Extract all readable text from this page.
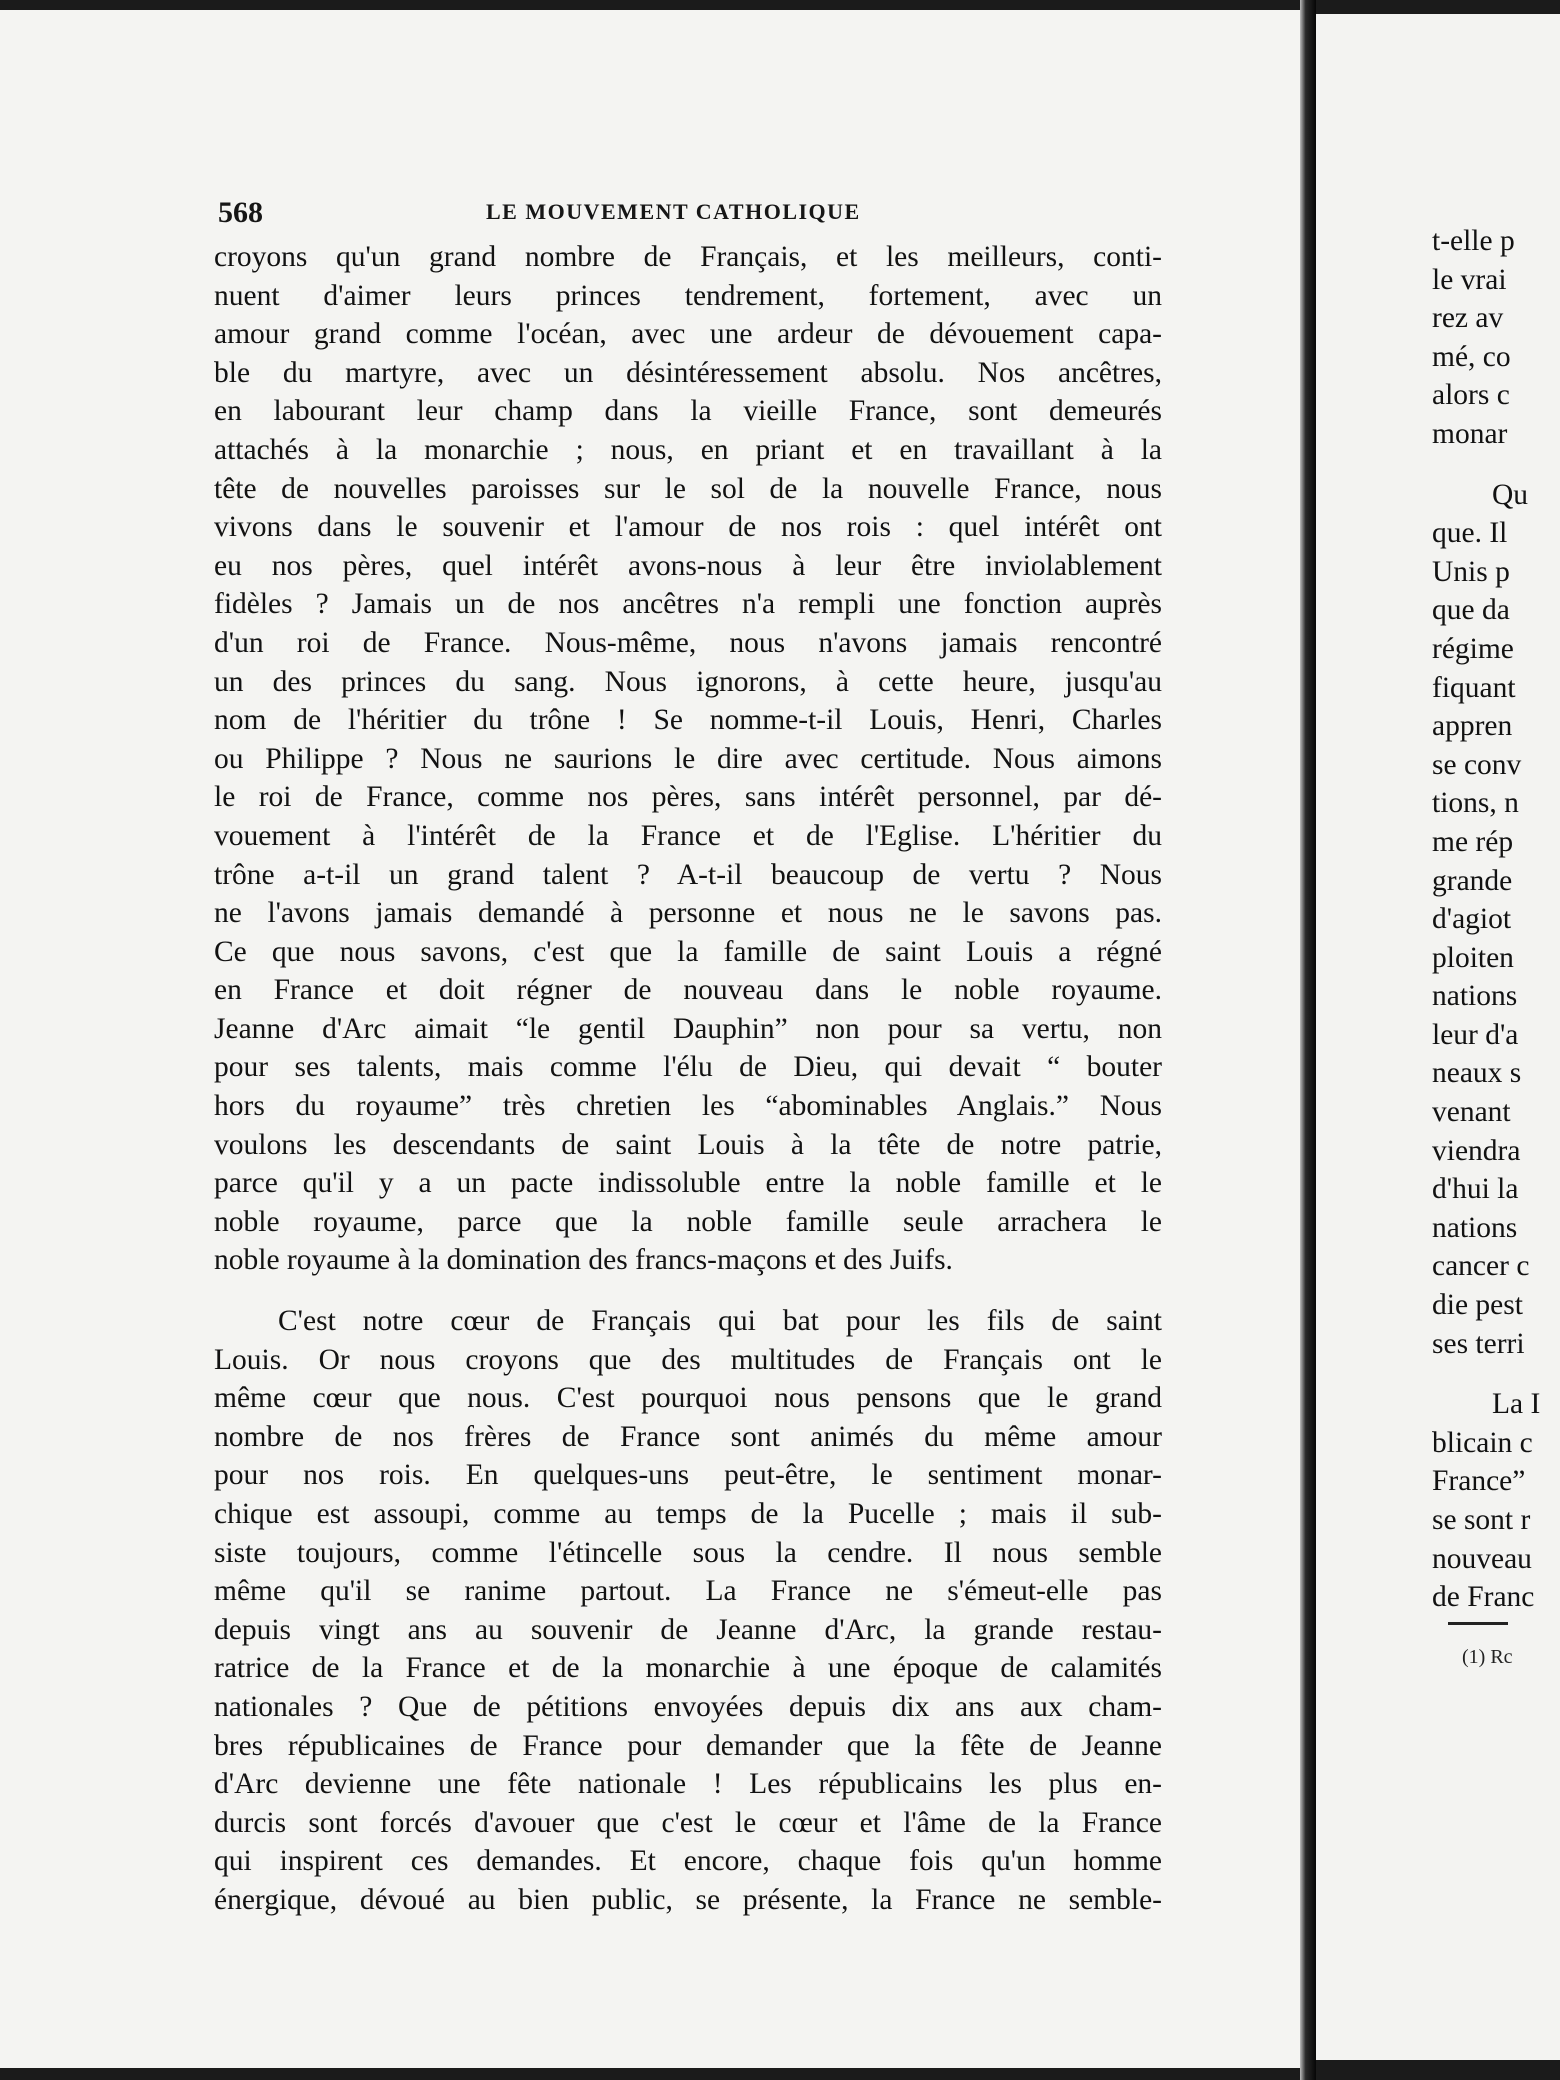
568	LE MOUVEMENT CATHOLIQUE
croyons qu'un grand nombre de Français, et les meilleurs, conti-
nuent d'aimer leurs princes tendrement, fortement, avec un
amour grand comme l'océan, avec une ardeur de dévouement capa-
ble du martyre, avec un désintéressement absolu. Nos ancêtres,
en labourant leur champ dans la vieille France, sont demeurés
attachés à la monarchie ; nous, en priant et en travaillant à la
tête de nouvelles paroisses sur le sol de la nouvelle France, nous
vivons dans le souvenir et l'amour de nos rois : quel intérêt ont
eu nos pères, quel intérêt avons-nous à leur être inviolablement
fidèles ? Jamais un de nos ancêtres n'a rempli une fonction auprès
d'un roi de France. Nous-même, nous n'avons jamais rencontré
un des princes du sang. Nous ignorons, à cette heure, jusqu'au
nom de l'héritier du trône ! Se nomme-t-il Louis, Henri, Charles
ou Philippe ? Nous ne saurions le dire avec certitude. Nous aimons
le roi de France, comme nos pères, sans intérêt personnel, par dé-
vouement à l'intérêt de la France et de l'Eglise. L'héritier du
trône a-t-il un grand talent ? A-t-il beaucoup de vertu ? Nous
ne l'avons jamais demandé à personne et nous ne le savons pas.
Ce que nous savons, c'est que la famille de saint Louis a régné
en France et doit régner de nouveau dans le noble royaume.
Jeanne d'Arc aimait “le gentil Dauphin” non pour sa vertu, non
pour ses talents, mais comme l'élu de Dieu, qui devait “ bouter
hors du royaume” très chretien les “abominables Anglais.” Nous
voulons les descendants de saint Louis à la tête de notre patrie,
parce qu'il y a un pacte indissoluble entre la noble famille et le
noble royaume, parce que la noble famille seule arrachera le
noble royaume à la domination des francs-maçons et des Juifs.
C'est notre cœur de Français qui bat pour les fils de saint
Louis. Or nous croyons que des multitudes de Français ont le
même cœur que nous. C'est pourquoi nous pensons que le grand
nombre de nos frères de France sont animés du même amour
pour nos rois. En quelques-uns peut-être, le sentiment monar-
chique est assoupi, comme au temps de la Pucelle ; mais il sub-
siste toujours, comme l'étincelle sous la cendre. Il nous semble
même qu'il se ranime partout. La France ne s'émeut-elle pas
depuis vingt ans au souvenir de Jeanne d'Arc, la grande restau-
ratrice de la France et de la monarchie à une époque de calamités
nationales ? Que de pétitions envoyées depuis dix ans aux cham-
bres républicaines de France pour demander que la fête de Jeanne
d'Arc devienne une fête nationale ! Les républicains les plus en-
durcis sont forcés d'avouer que c'est le cœur et l'âme de la France
qui inspirent ces demandes. Et encore, chaque fois qu'un homme
énergique, dévoué au bien public, se présente, la France ne semble-
t-elle p
le vrai
rez av
mé, co
alors c
monar
Qu
que. Il
Unis p
que da
régime
fiquant
appren
se conv
tions, n
me rép
grande
d'agiot
ploiten
nations
leur d'a
neaux s
venant
viendra
d'hui la
nations
cancer c
die pest
ses terri
La I
blicain c
France”
se sont r
nouveau
de Franc
(1) Rc
